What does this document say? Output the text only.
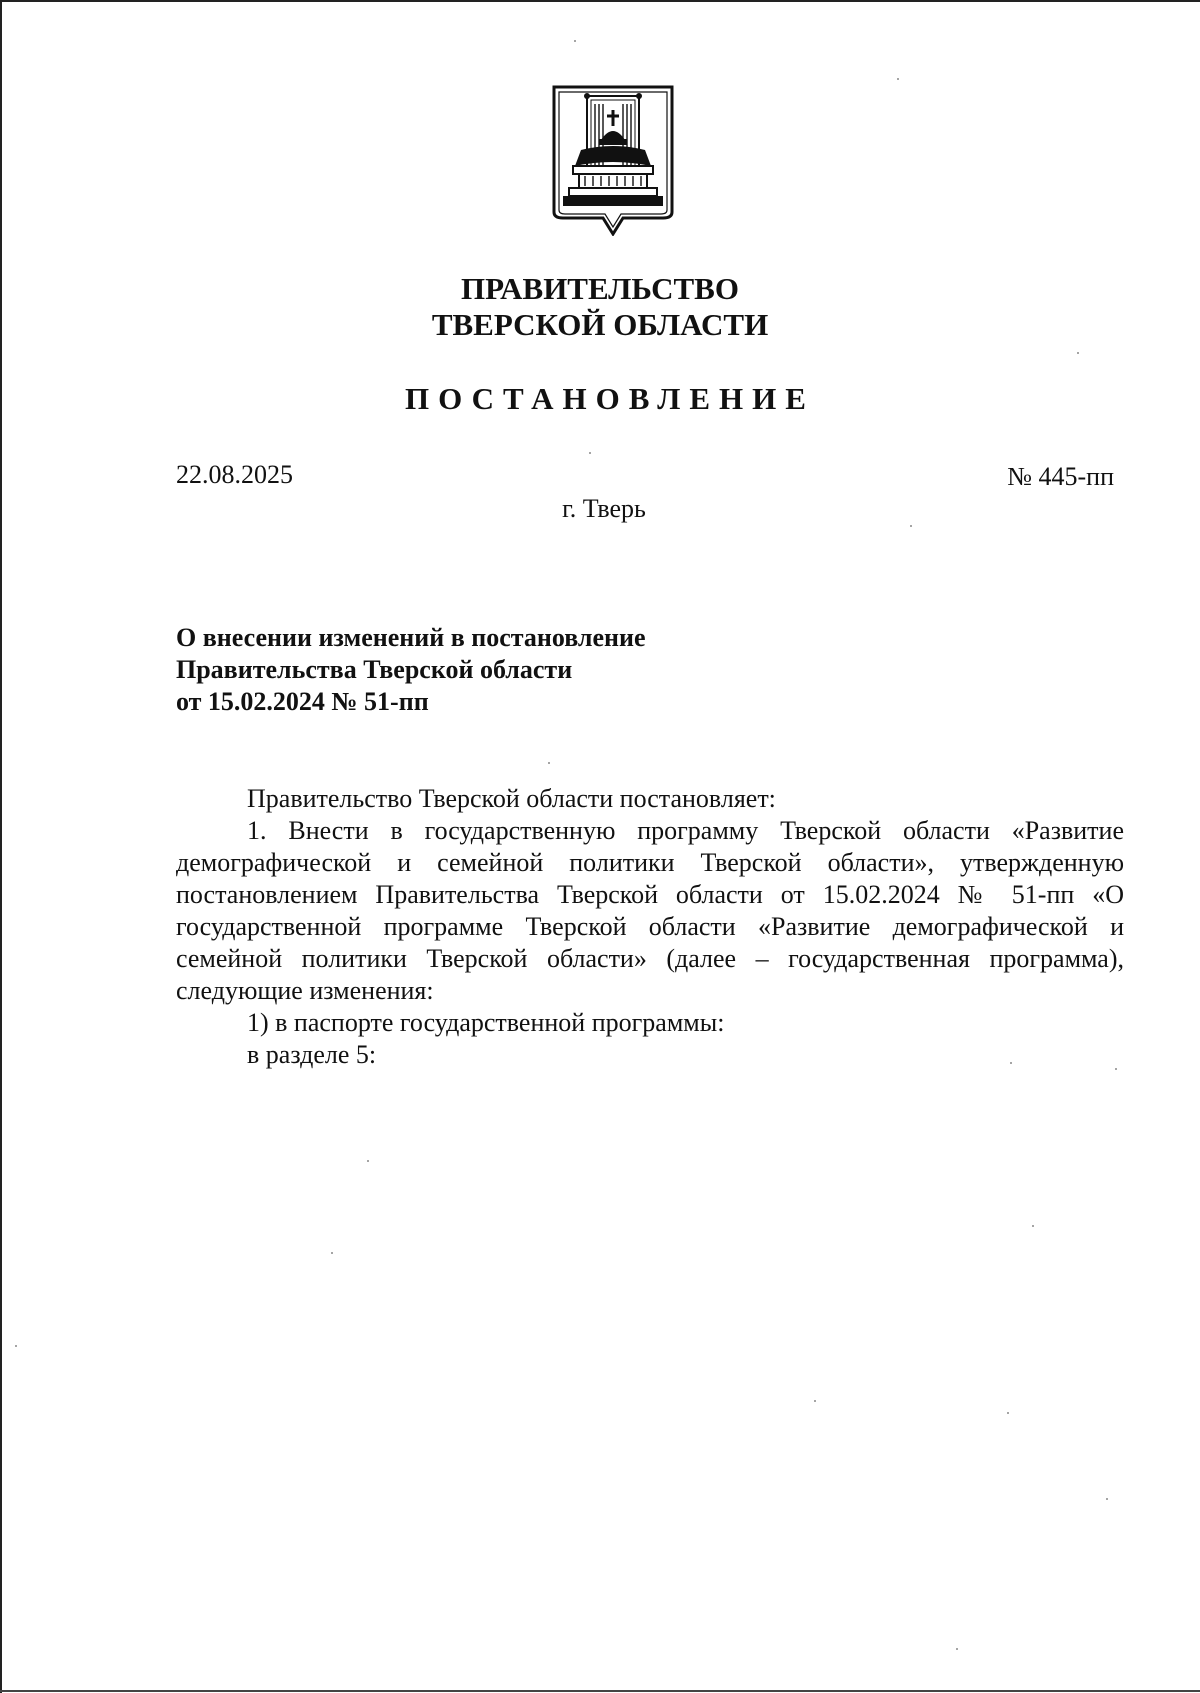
ПРАВИТЕЛЬСТВО
ТВЕРСКОЙ ОБЛАСТИ
ПОСТАНОВЛЕНИЕ
22.08.2025	№ 445-пп
г. Тверь
О внесении изменений в постановление
Правительства Тверской области
от 15.02.2024 № 51-пп

Правительство Тверской области постановляет:

1. Внести в государственную программу Тверской области «Развитие демографической и семейной политики Тверской области», утвержденную постановлением Правительства Тверской области от 15.02.2024 № 51-пп «О государственной программе Тверской области «Развитие демографической и семейной политики Тверской области» (далее – государственная программа), следующие изменения:

1) в паспорте государственной программы:

в разделе 5:
